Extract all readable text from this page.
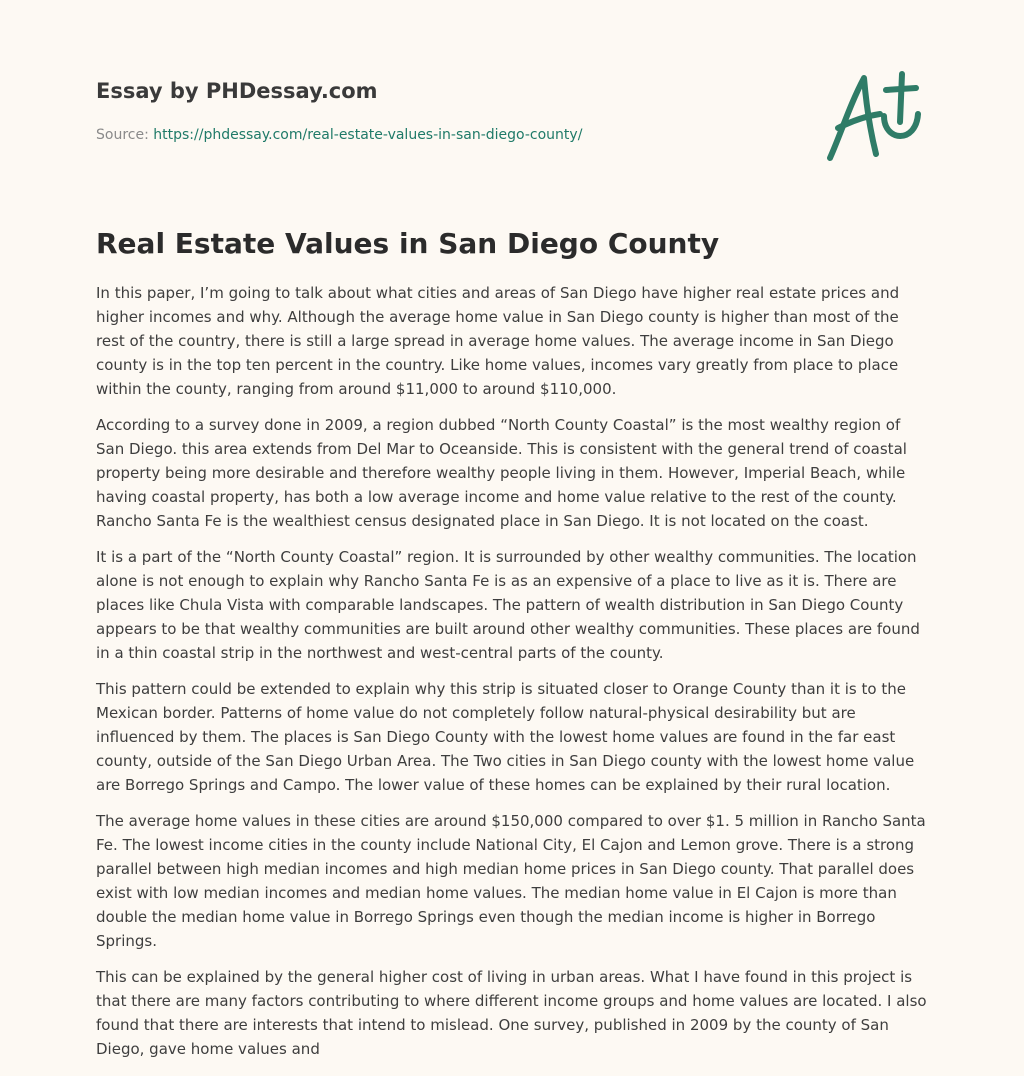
Essay by PHDessay.com
Source: https://phdessay.com/real-estate-values-in-san-diego-county/
Real Estate Values in San Diego County

In this paper, I’m going to talk about what cities and areas of San Diego have higher real estate prices and higher incomes and why. Although the average home value in San Diego county is higher than most of the rest of the country, there is still a large spread in average home values. The average income in San Diego county is in the top ten percent in the country. Like home values, incomes vary greatly from place to place within the county, ranging from around $11,000 to around $110,000.

According to a survey done in 2009, a region dubbed “North County Coastal” is the most wealthy region of San Diego. this area extends from Del Mar to Oceanside. This is consistent with the general trend of coastal property being more desirable and therefore wealthy people living in them. However, Imperial Beach, while having coastal property, has both a low average income and home value relative to the rest of the county. Rancho Santa Fe is the wealthiest census designated place in San Diego. It is not located on the coast.

It is a part of the “North County Coastal” region. It is surrounded by other wealthy communities. The location alone is not enough to explain why Rancho Santa Fe is as an expensive of a place to live as it is. There are places like Chula Vista with comparable landscapes. The pattern of wealth distribution in San Diego County appears to be that wealthy communities are built around other wealthy communities. These places are found in a thin coastal strip in the northwest and west-central parts of the county.

This pattern could be extended to explain why this strip is situated closer to Orange County than it is to the Mexican border. Patterns of home value do not completely follow natural-physical desirability but are influenced by them. The places is San Diego County with the lowest home values are found in the far east county, outside of the San Diego Urban Area. The Two cities in San Diego county with the lowest home value are Borrego Springs and Campo. The lower value of these homes can be explained by their rural location.

The average home values in these cities are around $150,000 compared to over $1. 5 million in Rancho Santa Fe. The lowest income cities in the county include National City, El Cajon and Lemon grove. There is a strong parallel between high median incomes and high median home prices in San Diego county. That parallel does exist with low median incomes and median home values. The median home value in El Cajon is more than double the median home value in Borrego Springs even though the median income is higher in Borrego Springs.

This can be explained by the general higher cost of living in urban areas. What I have found in this project is that there are many factors contributing to where different income groups and home values are located. I also found that there are interests that intend to mislead. One survey, published in 2009 by the county of San Diego, gave home values and
